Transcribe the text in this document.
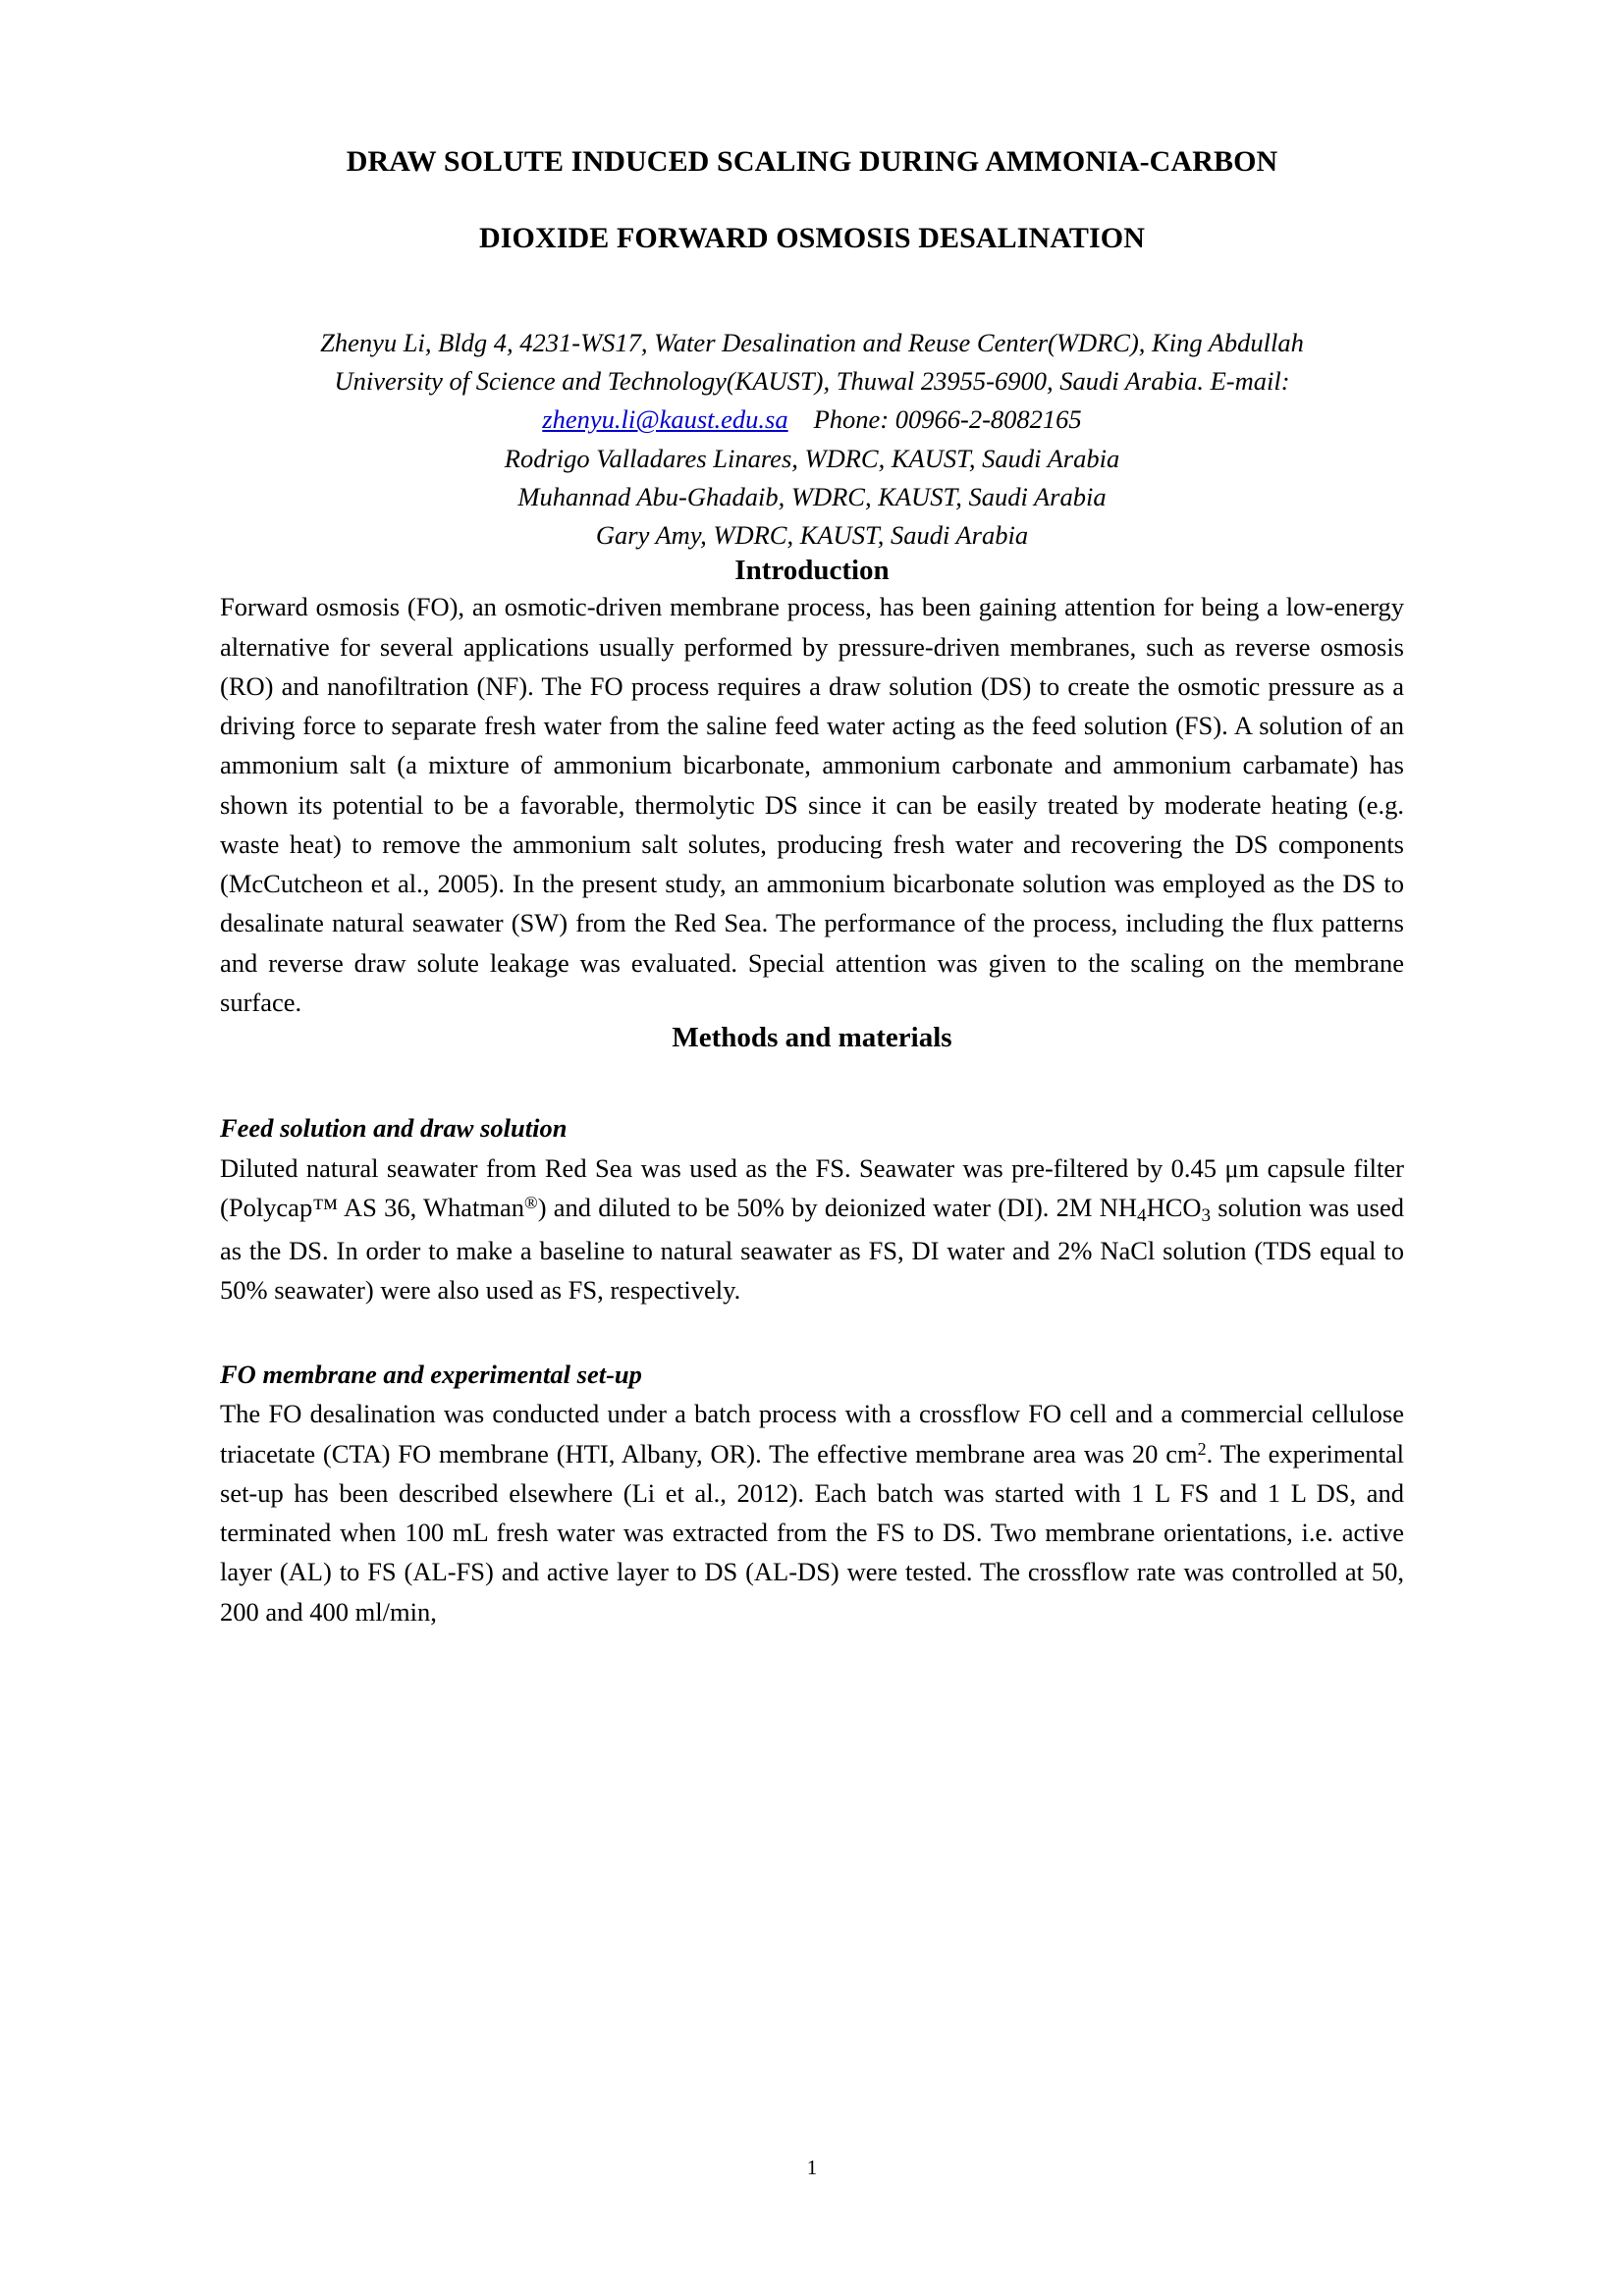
DRAW SOLUTE INDUCED SCALING DURING AMMONIA-CARBON
DIOXIDE FORWARD OSMOSIS DESALINATION
Zhenyu Li, Bldg 4, 4231-WS17, Water Desalination and Reuse Center(WDRC), King Abdullah
University of Science and Technology(KAUST), Thuwal 23955-6900, Saudi Arabia. E-mail:
zhenyu.li@kaust.edu.sa Phone: 00966-2-8082165
Rodrigo Valladares Linares, WDRC, KAUST, Saudi Arabia
Muhannad Abu-Ghadaib, WDRC, KAUST, Saudi Arabia
Gary Amy, WDRC, KAUST, Saudi Arabia
Introduction

Forward osmosis (FO), an osmotic-driven membrane process, has been gaining attention for being a low-energy alternative for several applications usually performed by pressure-driven membranes, such as reverse osmosis (RO) and nanofiltration (NF). The FO process requires a draw solution (DS) to create the osmotic pressure as a driving force to separate fresh water from the saline feed water acting as the feed solution (FS). A solution of an ammonium salt (a mixture of ammonium bicarbonate, ammonium carbonate and ammonium carbamate) has shown its potential to be a favorable, thermolytic DS since it can be easily treated by moderate heating (e.g. waste heat) to remove the ammonium salt solutes, producing fresh water and recovering the DS components (McCutcheon et al., 2005). In the present study, an ammonium bicarbonate solution was employed as the DS to desalinate natural seawater (SW) from the Red Sea. The performance of the process, including the flux patterns and reverse draw solute leakage was evaluated. Special attention was given to the scaling on the membrane surface.

Methods and materials
Feed solution and draw solution

Diluted natural seawater from Red Sea was used as the FS. Seawater was pre-filtered by 0.45 μm capsule filter (Polycap™ AS 36, Whatman®) and diluted to be 50% by deionized water (DI). 2M $NH_4HCO_3$ solution was used as the DS. In order to make a baseline to natural seawater as FS, DI water and 2% NaCl solution (TDS equal to 50% seawater) were also used as FS, respectively.

FO membrane and experimental set-up

The FO desalination was conducted under a batch process with a crossflow FO cell and a commercial cellulose triacetate (CTA) FO membrane (HTI, Albany, OR). The effective membrane area was 20 $cm^2$. The experimental set-up has been described elsewhere (Li et al., 2012). Each batch was started with 1 L FS and 1 L DS, and terminated when 100 mL fresh water was extracted from the FS to DS. Two membrane orientations, i.e. active layer (AL) to FS (AL-FS) and active layer to DS (AL-DS) were tested. The crossflow rate was controlled at 50, 200 and 400 ml/min,

1
